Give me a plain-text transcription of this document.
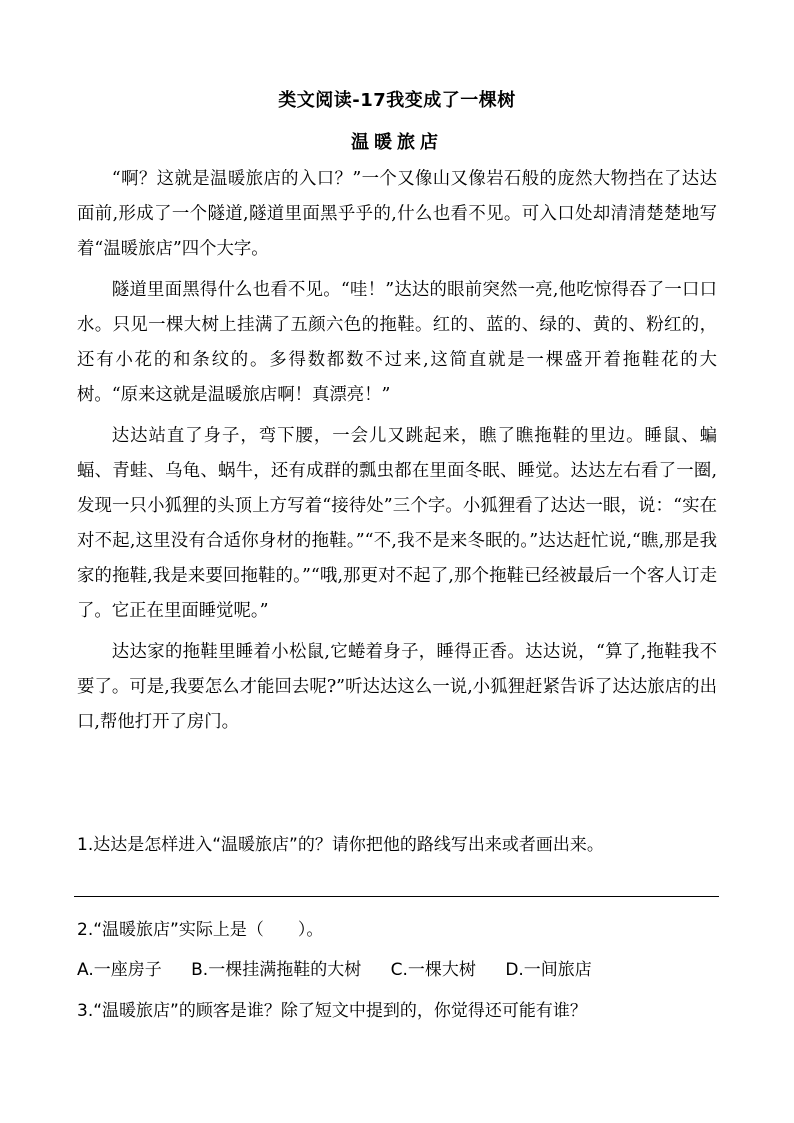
类文阅读-17我变成了一棵树
温暖旅店

“啊？这就是温暖旅店的入口？”一个又像山又像岩石般的庞然大物挡在了达达面前,形成了一个隧道,隧道里面黑乎乎的,什么也看不见。可入口处却清清楚楚地写着“温暖旅店”四个大字。

隧道里面黑得什么也看不见。“哇！”达达的眼前突然一亮,他吃惊得吞了一口口水。只见一棵大树上挂满了五颜六色的拖鞋。红的、蓝的、绿的、黄的、粉红的，还有小花的和条纹的。多得数都数不过来,这简直就是一棵盛开着拖鞋花的大树。“原来这就是温暖旅店啊！真漂亮！”

达达站直了身子，弯下腰，一会儿又跳起来，瞧了瞧拖鞋的里边。睡鼠、蝙蝠、青蛙、乌龟、蜗牛，还有成群的瓢虫都在里面冬眠、睡觉。达达左右看了一圈,发现一只小狐狸的头顶上方写着“接待处”三个字。小狐狸看了达达一眼，说：“实在对不起,这里没有合适你身材的拖鞋。”“不,我不是来冬眠的。”达达赶忙说,“瞧,那是我家的拖鞋,我是来要回拖鞋的。”“哦,那更对不起了,那个拖鞋已经被最后一个客人订走了。它正在里面睡觉呢。”

达达家的拖鞋里睡着小松鼠,它蜷着身子，睡得正香。达达说，“算了,拖鞋我不要了。可是,我要怎么才能回去呢?”听达达这么一说,小狐狸赶紧告诉了达达旅店的出口,帮他打开了房门。

1.达达是怎样进入“温暖旅店”的？请你把他的路线写出来或者画出来。
2.“温暖旅店”实际上是（　　）。
A.一座房子 B.一棵挂满拖鞋的大树 C.一棵大树 D.一间旅店
3.“温暖旅店”的顾客是谁？除了短文中提到的，你觉得还可能有谁？
